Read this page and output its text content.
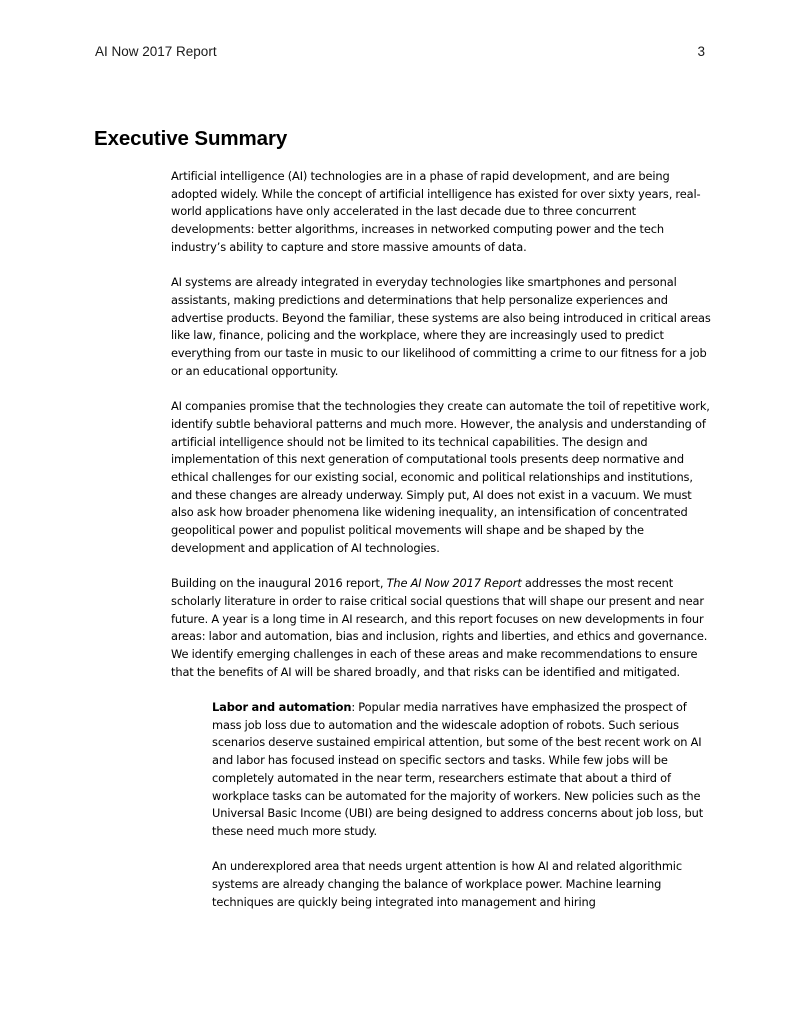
AI Now 2017 Report	3
Executive Summary

Artificial intelligence (AI) technologies are in a phase of rapid development, and are being adopted widely. While the concept of artificial intelligence has existed for over sixty years, real-world applications have only accelerated in the last decade due to three concurrent developments: better algorithms, increases in networked computing power and the tech industry’s ability to capture and store massive amounts of data.

AI systems are already integrated in everyday technologies like smartphones and personal assistants, making predictions and determinations that help personalize experiences and advertise products. Beyond the familiar, these systems are also being introduced in critical areas like law, finance, policing and the workplace, where they are increasingly used to predict everything from our taste in music to our likelihood of committing a crime to our fitness for a job or an educational opportunity.

AI companies promise that the technologies they create can automate the toil of repetitive work, identify subtle behavioral patterns and much more. However, the analysis and understanding of artificial intelligence should not be limited to its technical capabilities. The design and implementation of this next generation of computational tools presents deep normative and ethical challenges for our existing social, economic and political relationships and institutions, and these changes are already underway. Simply put, AI does not exist in a vacuum. We must also ask how broader phenomena like widening inequality, an intensification of concentrated geopolitical power and populist political movements will shape and be shaped by the development and application of AI technologies.

Building on the inaugural 2016 report, The AI Now 2017 Report addresses the most recent scholarly literature in order to raise critical social questions that will shape our present and near future. A year is a long time in AI research, and this report focuses on new developments in four areas: labor and automation, bias and inclusion, rights and liberties, and ethics and governance. We identify emerging challenges in each of these areas and make recommendations to ensure that the benefits of AI will be shared broadly, and that risks can be identified and mitigated.

Labor and automation: Popular media narratives have emphasized the prospect of mass job loss due to automation and the widescale adoption of robots. Such serious scenarios deserve sustained empirical attention, but some of the best recent work on AI and labor has focused instead on specific sectors and tasks. While few jobs will be completely automated in the near term, researchers estimate that about a third of workplace tasks can be automated for the majority of workers. New policies such as the Universal Basic Income (UBI) are being designed to address concerns about job loss, but these need much more study.

An underexplored area that needs urgent attention is how AI and related algorithmic systems are already changing the balance of workplace power. Machine learning techniques are quickly being integrated into management and hiring
